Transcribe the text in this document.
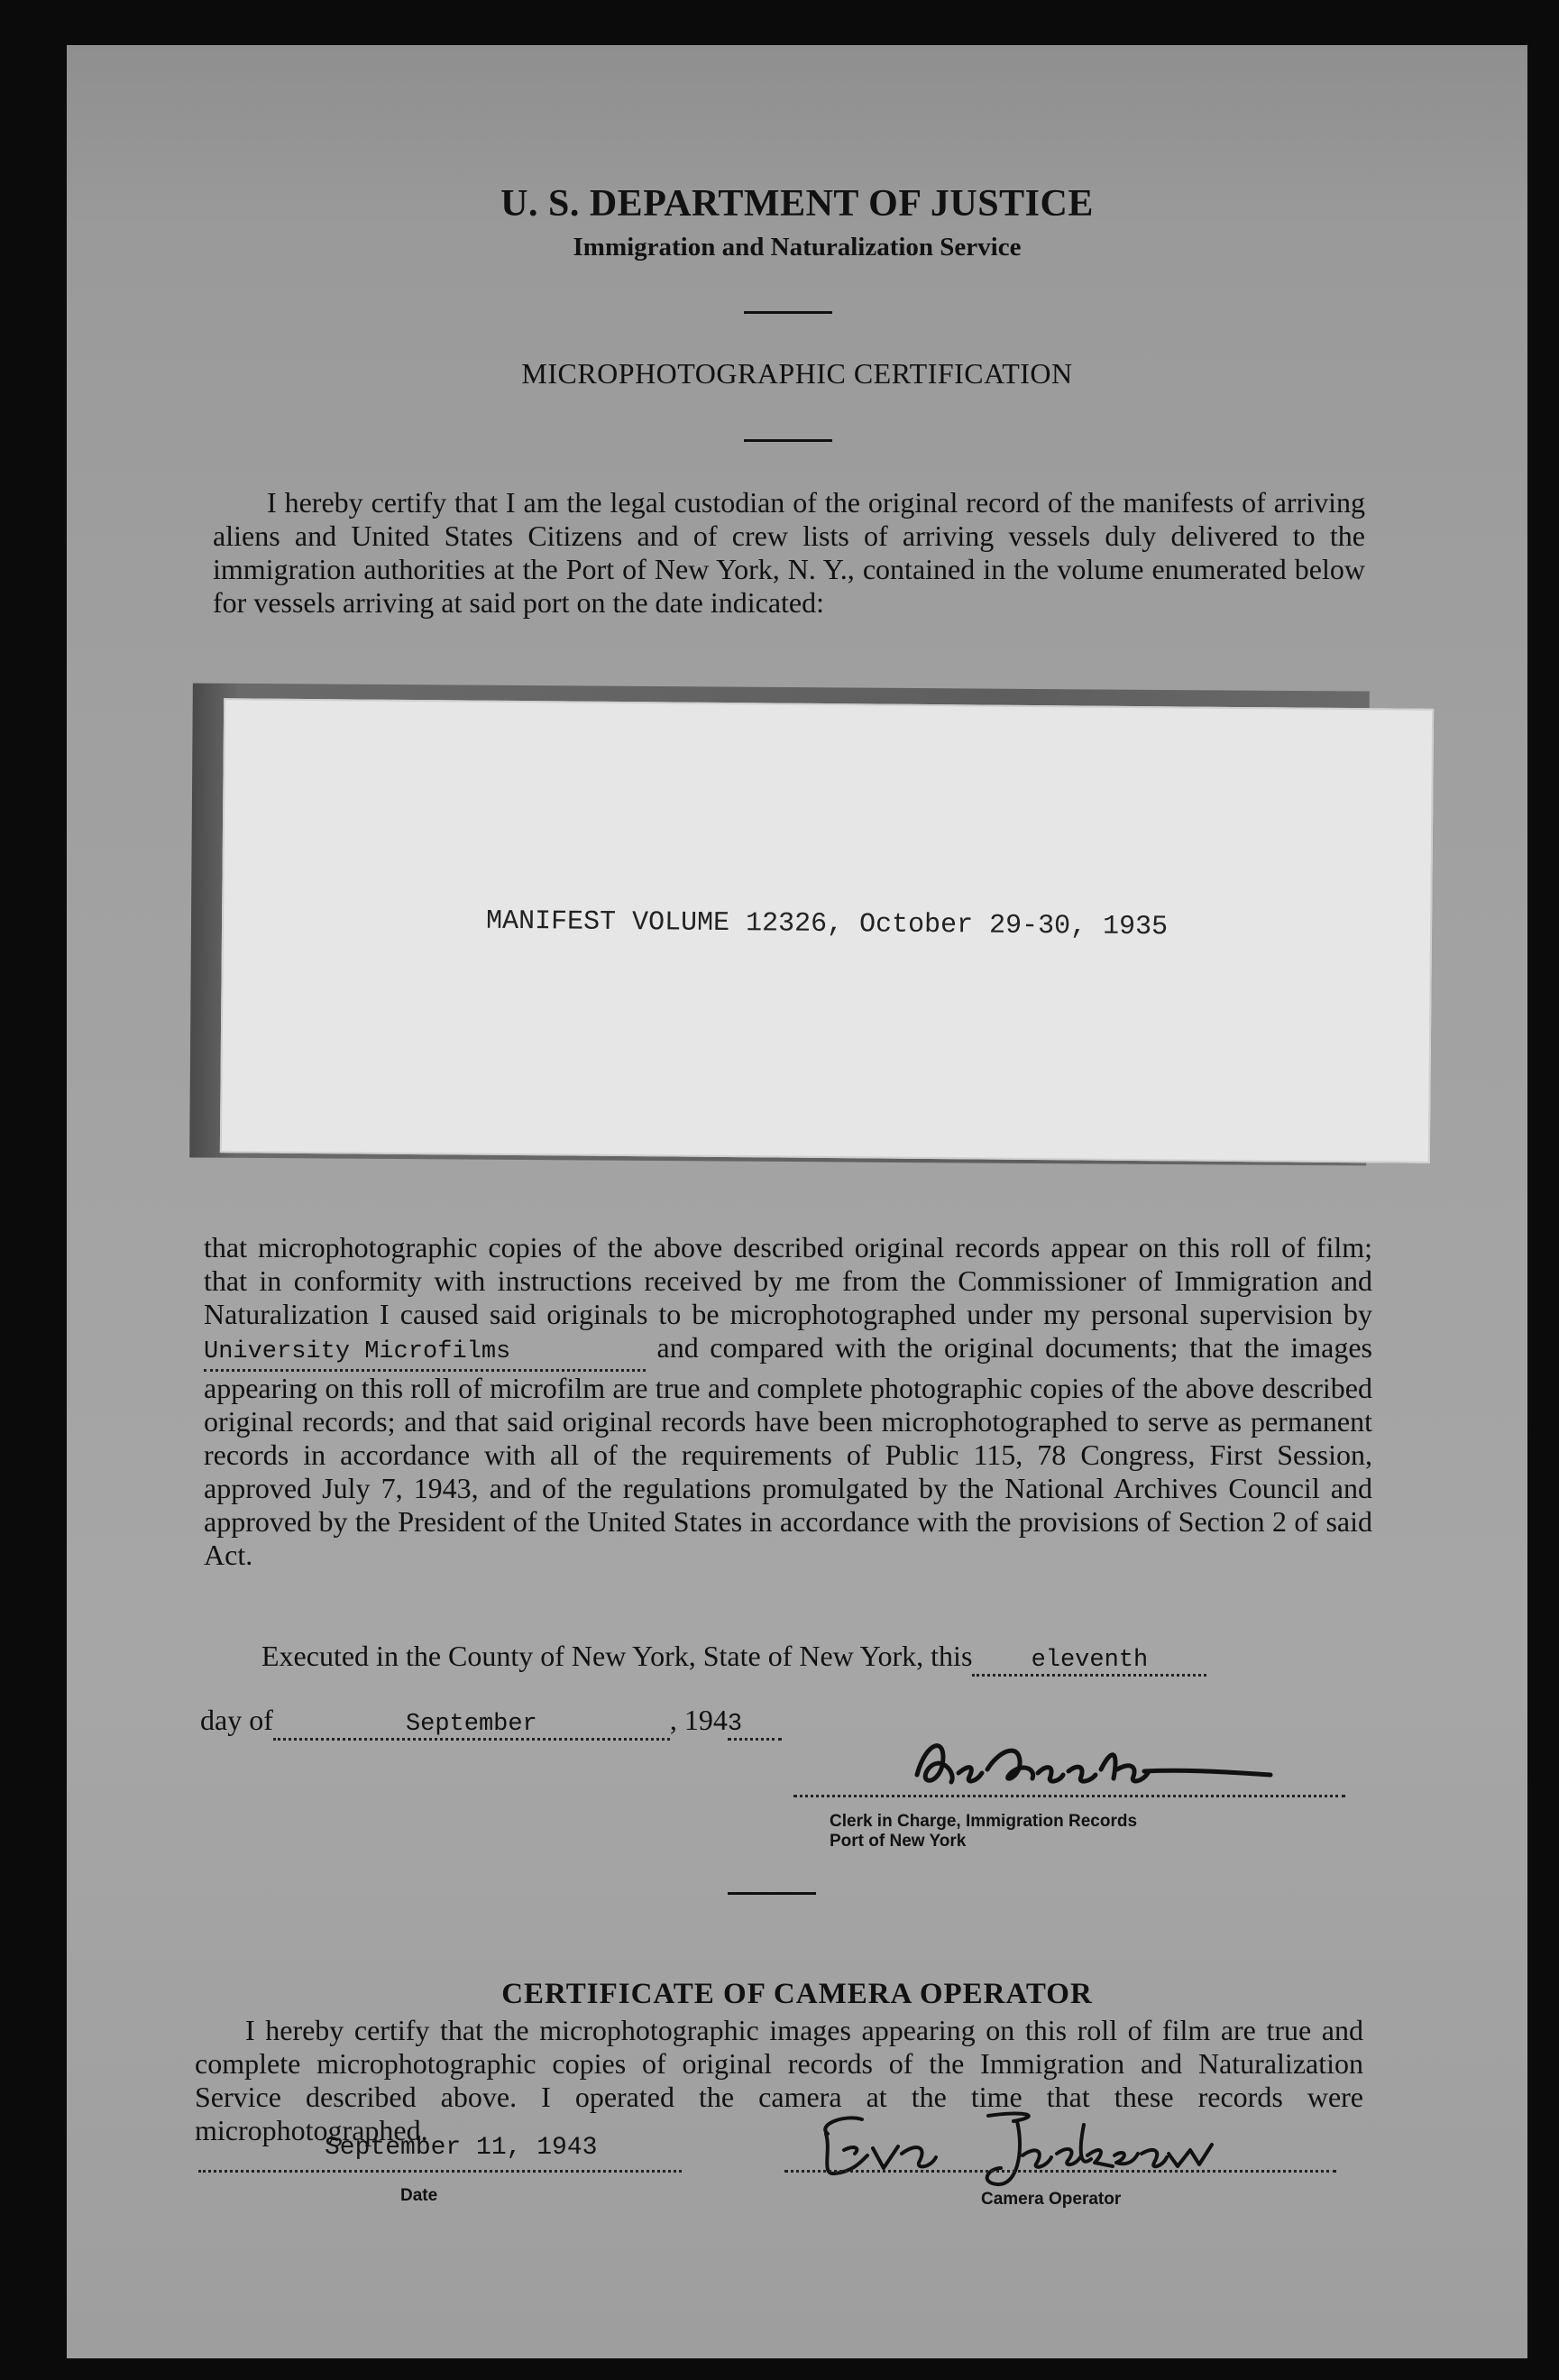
U. S. DEPARTMENT OF JUSTICE
Immigration and Naturalization Service
MICROPHOTOGRAPHIC CERTIFICATION

I hereby certify that I am the legal custodian of the original record of the manifests of arriving aliens and United States Citizens and of crew lists of arriving vessels duly delivered to the immigration authorities at the Port of New York, N. Y., contained in the volume enumerated below for vessels arriving at said port on the date indicated:

MANIFEST VOLUME 12326, October 29-30, 1935

that microphotographic copies of the above described original records appear on this roll of film; that in conformity with instructions received by me from the Commissioner of Immigration and Naturalization I caused said originals to be microphotographed under my personal supervision by University Microfilms	and compared with the original documents; that the images appearing on this roll of microfilm are true and complete photographic copies of the above described original records; and that said original records have been microphotographed to serve as permanent records in accordance with all of the requirements of Public 115, 78 Congress, First Session, approved July 7, 1943, and of the regulations promulgated by the National Archives Council and approved by the President of the United States in accordance with the provisions of Section 2 of said Act.

Executed in the County of New York, State of New York, this eleventh
day of	September	, 1943
Clerk in Charge, Immigration Records
Port of New York
CERTIFICATE OF CAMERA OPERATOR

I hereby certify that the microphotographic images appearing on this roll of film are true and complete microphotographic copies of original records of the Immigration and Naturalization Service described above. I operated the camera at the time that these records were microphotographed.

September 11, 1943
Date	Camera Operator
